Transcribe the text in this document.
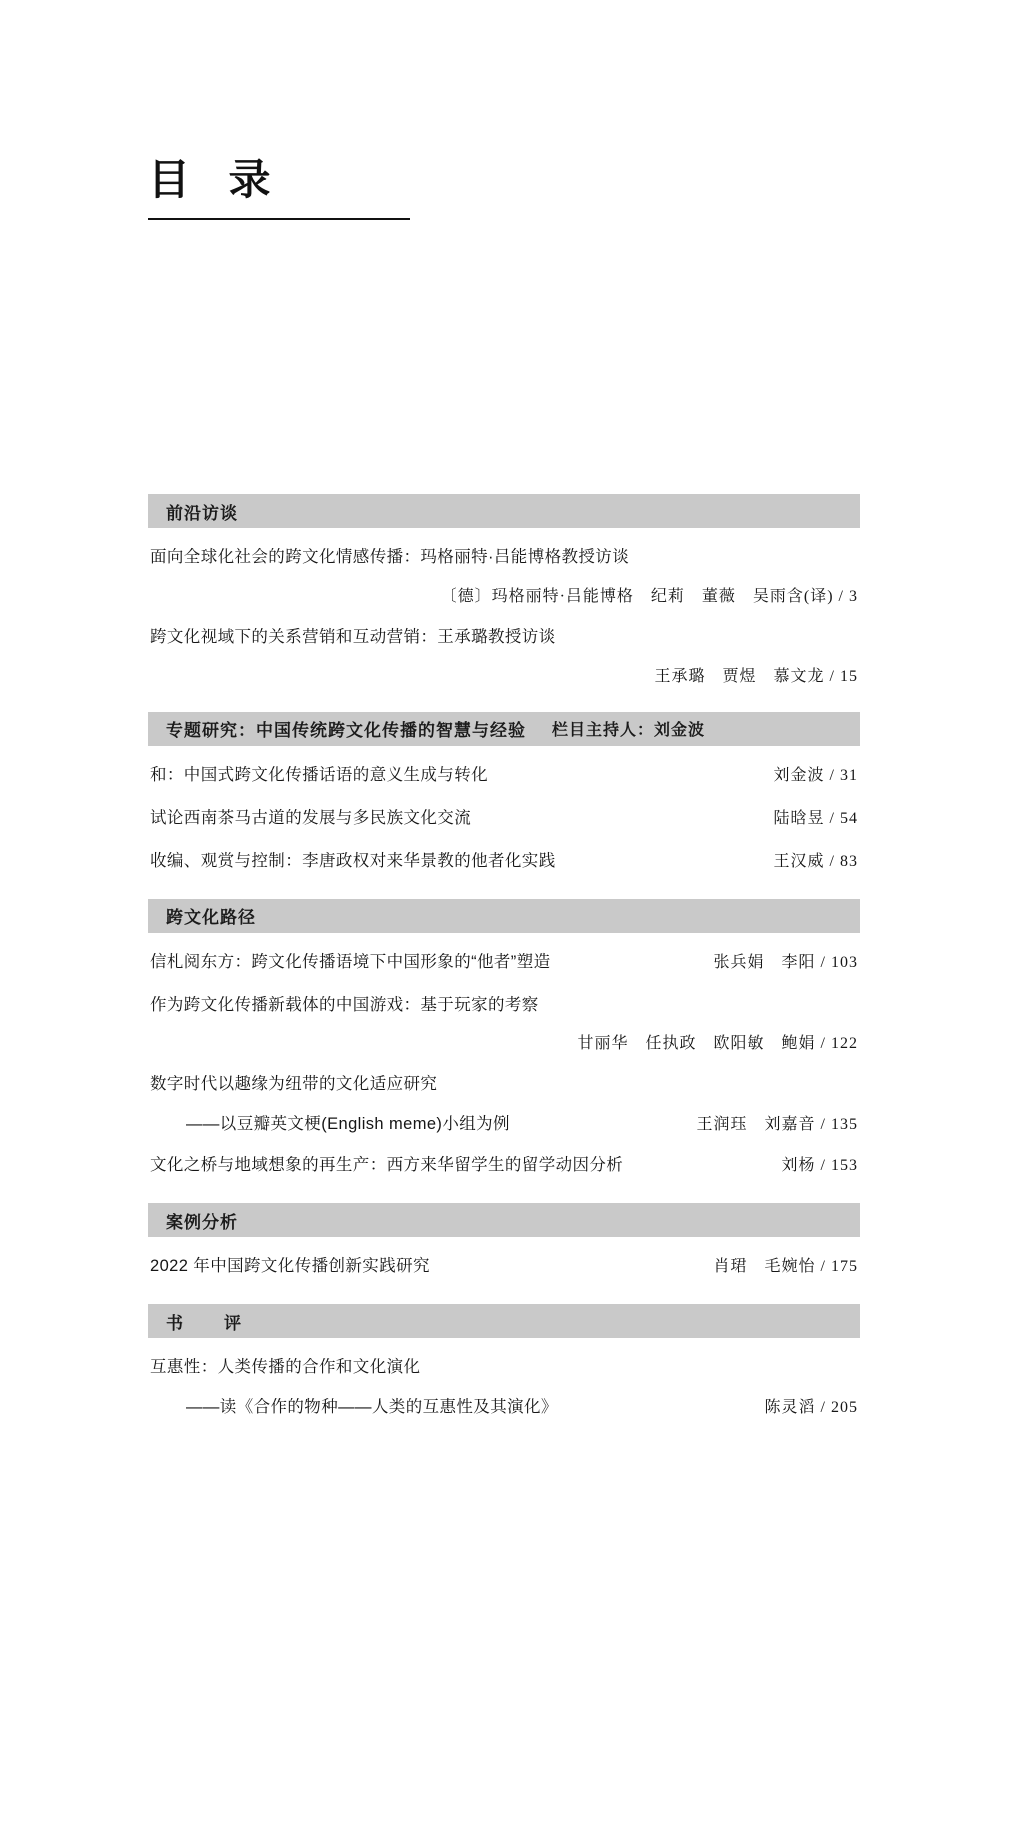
目 录
前沿访谈
面向全球化社会的跨文化情感传播：玛格丽特·吕能博格教授访谈
〔德〕玛格丽特·吕能博格　纪莉　董薇　吴雨含(译) / 3
跨文化视域下的关系营销和互动营销：王承璐教授访谈
王承璐　贾煜　慕文龙 / 15
专题研究：中国传统跨文化传播的智慧与经验 栏目主持人：刘金波
和：中国式跨文化传播话语的意义生成与转化	刘金波 / 31
试论西南茶马古道的发展与多民族文化交流	陆晗昱 / 54
收编、观赏与控制：李唐政权对来华景教的他者化实践	王汉威 / 83
跨文化路径
信札阅东方：跨文化传播语境下中国形象的“他者”塑造	张兵娟　李阳 / 103
作为跨文化传播新载体的中国游戏：基于玩家的考察
甘丽华　任执政　欧阳敏　鲍娟 / 122
数字时代以趣缘为纽带的文化适应研究
——以豆瓣英文梗(English meme)小组为例	王润珏　刘嘉音 / 135
文化之桥与地域想象的再生产：西方来华留学生的留学动因分析	刘杨 / 153
案例分析
2022 年中国跨文化传播创新实践研究	肖珺　毛婉怡 / 175
书　评
互惠性：人类传播的合作和文化演化
——读《合作的物种——人类的互惠性及其演化》	陈灵滔 / 205
